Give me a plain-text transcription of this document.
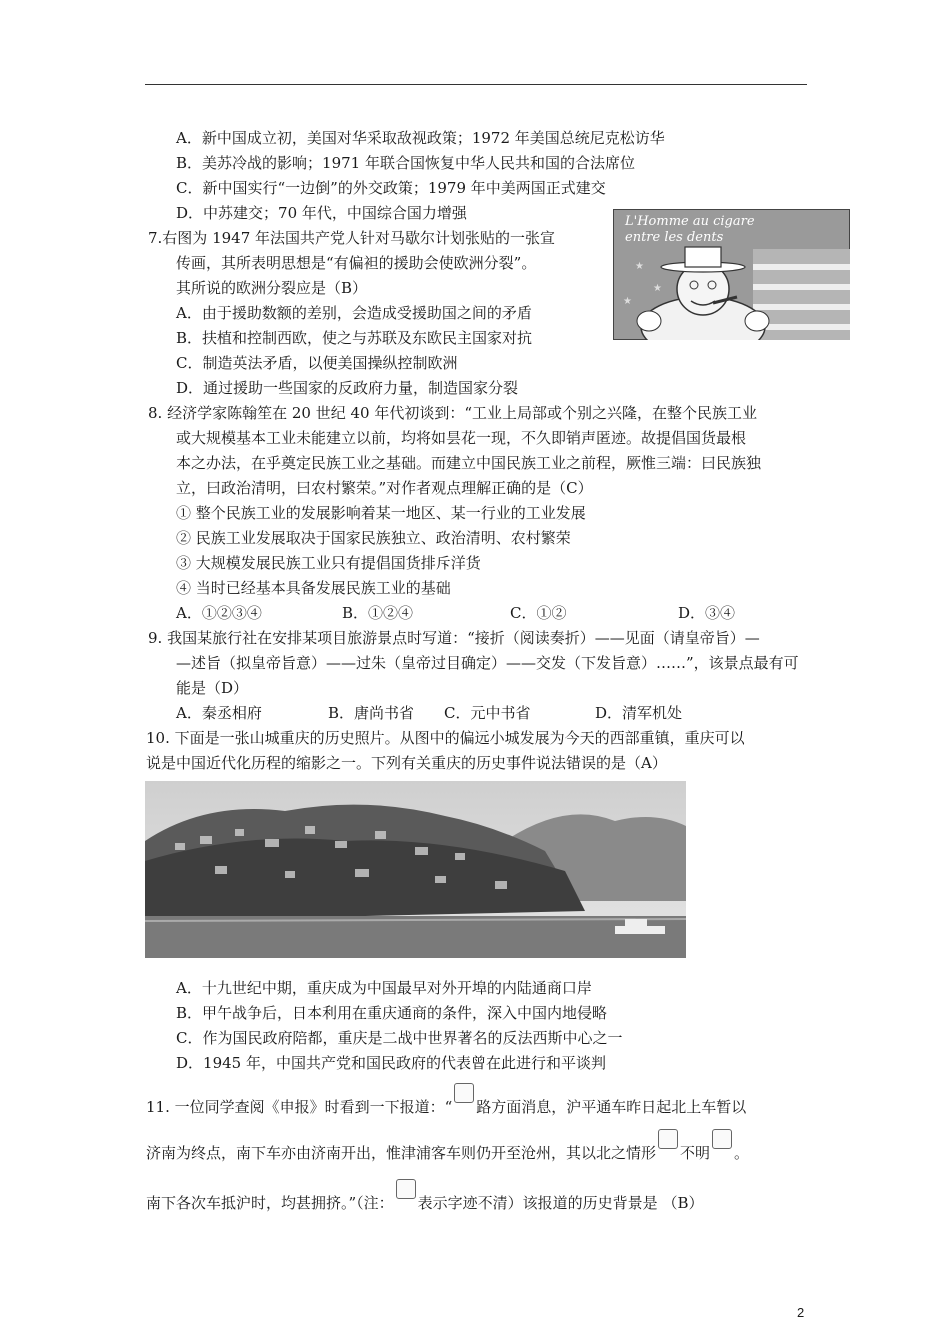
A．新中国成立初，美国对华采取敌视政策；1972 年美国总统尼克松访华
B．美苏冷战的影响；1971 年联合国恢复中华人民共和国的合法席位
C．新中国实行“一边倒”的外交政策；1979 年中美两国正式建交
D．中苏建交；70 年代，中国综合国力增强
7.右图为 1947 年法国共产党人针对马歇尔计划张贴的一张宣
传画，其所表明思想是“有偏袒的援助会使欧洲分裂”。
其所说的欧洲分裂应是（B）
A．由于援助数额的差别，会造成受援助国之间的矛盾
B．扶植和控制西欧，使之与苏联及东欧民主国家对抗
C．制造英法矛盾，以便美国操纵控制欧洲
D．通过援助一些国家的反政府力量，制造国家分裂
★
★
★
L'Homme au cigare
entre les dents
8. 经济学家陈翰笙在 20 世纪 40 年代初谈到：“工业上局部或个别之兴隆，在整个民族工业
或大规模基本工业未能建立以前，均将如昙花一现，不久即销声匿迹。故提倡国货最根
本之办法，在乎奠定民族工业之基础。而建立中国民族工业之前程，厥惟三端：曰民族独
立，曰政治清明，曰农村繁荣。”对作者观点理解正确的是（C）
① 整个民族工业的发展影响着某一地区、某一行业的工业发展
② 民族工业发展取决于国家民族独立、政治清明、农村繁荣
③ 大规模发展民族工业只有提倡国货排斥洋货
④ 当时已经基本具备发展民族工业的基础
A．①②③④	B．①②④	C．①②	D．③④
9. 我国某旅行社在安排某项目旅游景点时写道：“接折（阅读奏折）——见面（请皇帝旨）—
—述旨（拟皇帝旨意）——过朱（皇帝过目确定）——交发（下发旨意）……”，该景点最有可
能是（D）
A．秦丞相府	B．唐尚书省 C．元中书省	D．清军机处
10. 下面是一张山城重庆的历史照片。从图中的偏远小城发展为今天的西部重镇，重庆可以
说是中国近代化历程的缩影之一。下列有关重庆的历史事件说法错误的是（A）
A．十九世纪中期，重庆成为中国最早对外开埠的内陆通商口岸
B．甲午战争后，日本利用在重庆通商的条件，深入中国内地侵略
C．作为国民政府陪都，重庆是二战中世界著名的反法西斯中心之一
D．1945 年，中国共产党和国民政府的代表曾在此进行和平谈判
11. 一位同学查阅《申报》时看到一下报道：“ 路方面消息，沪平通车昨日起北上车暂以
济南为终点，南下车亦由济南开出，惟津浦客车则仍开至沧州，其以北之情形 不明 。
南下各次车抵沪时，均甚拥挤。”（注： 表示字迹不清）该报道的历史背景是 （B）
2
